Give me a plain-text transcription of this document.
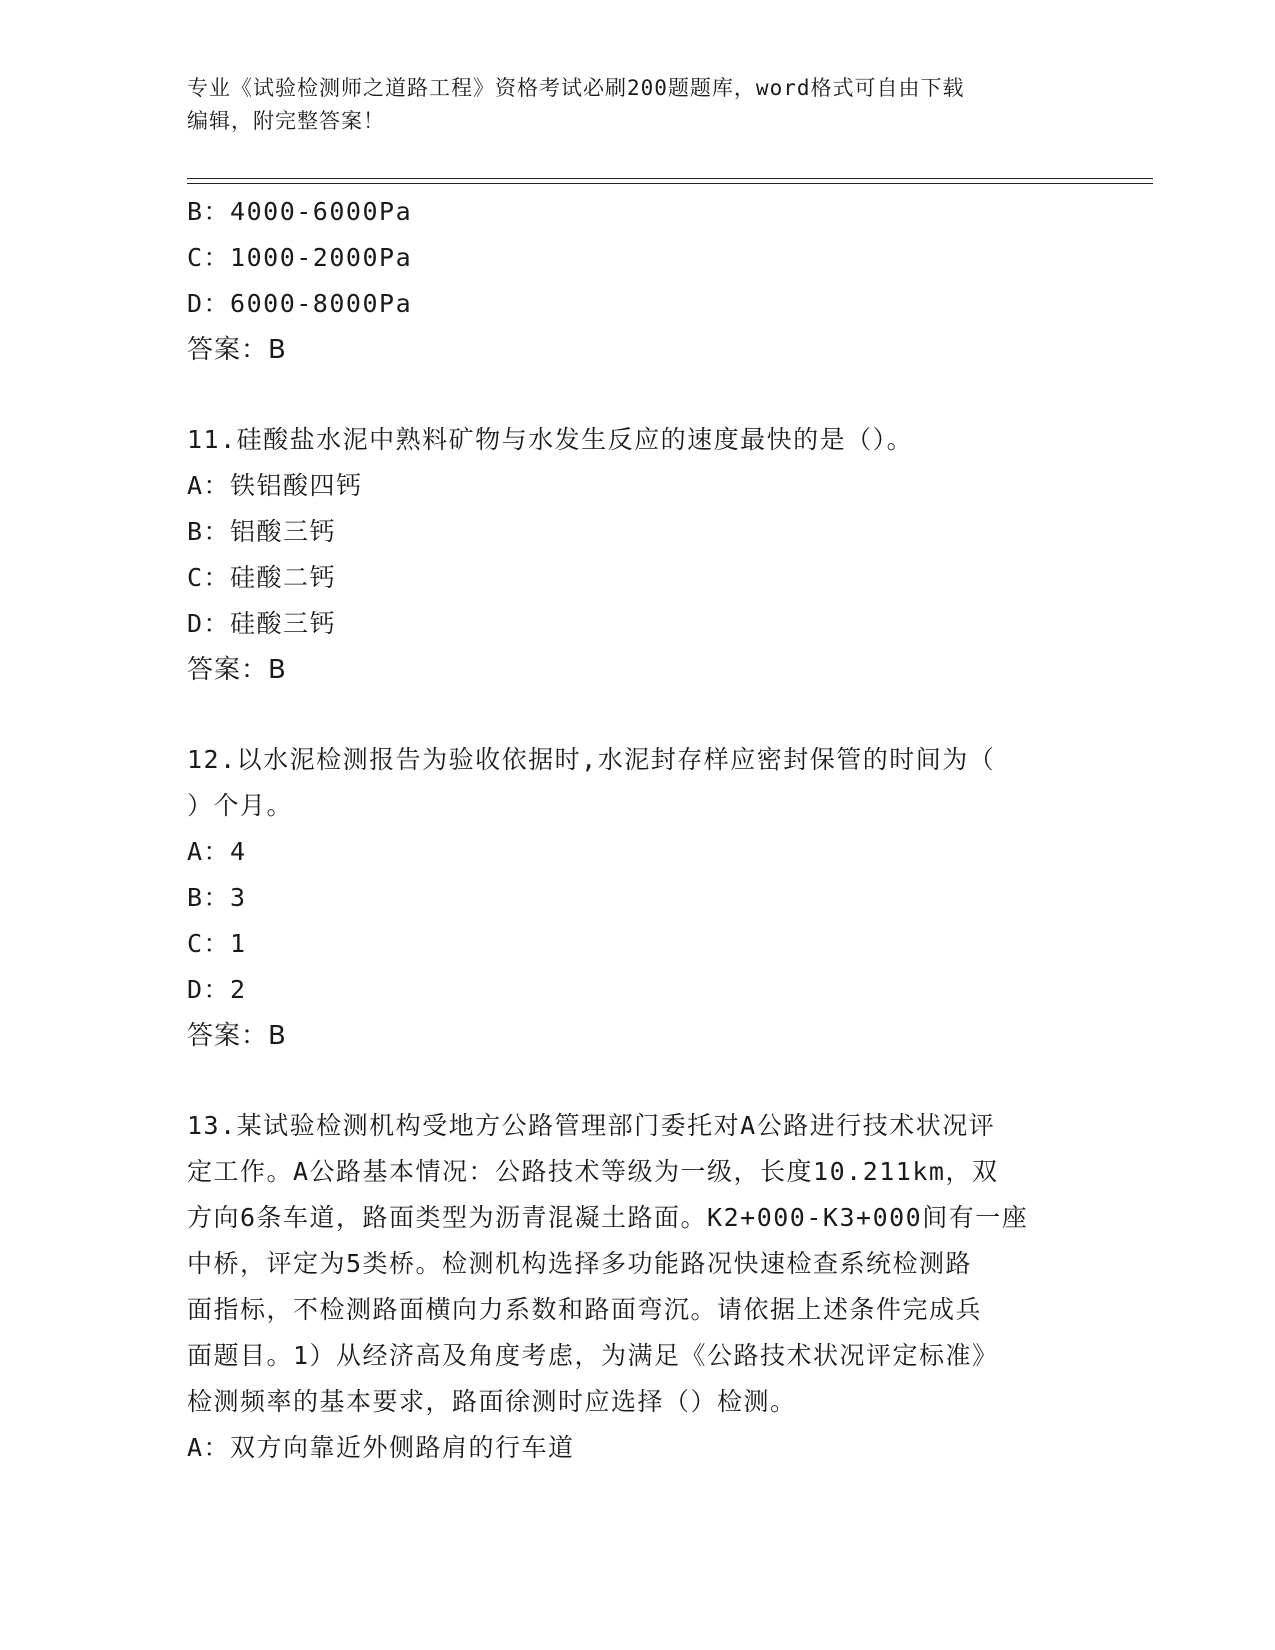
专业《试验检测师之道路工程》资格考试必刷200题题库，word格式可自由下载
编辑，附完整答案！
B：4000-6000Pa
C：1000-2000Pa
D：6000-8000Pa
答案：B
11.硅酸盐水泥中熟料矿物与水发生反应的速度最快的是（）。
A：铁铝酸四钙
B：铝酸三钙
C：硅酸二钙
D：硅酸三钙
答案：B
12.以水泥检测报告为验收依据时,水泥封存样应密封保管的时间为（
）个月。
A：4
B：3
C：1
D：2
答案：B
13.某试验检测机构受地方公路管理部门委托对A公路进行技术状况评
定工作。A公路基本情况：公路技术等级为一级，长度10.211km，双
方向6条车道，路面类型为沥青混凝土路面。K2+000-K3+000间有一座
中桥，评定为5类桥。检测机构选择多功能路况快速检查系统检测路
面指标，不检测路面横向力系数和路面弯沉。请依据上述条件完成兵
面题目。1）从经济高及角度考虑，为满足《公路技术状况评定标准》
检测频率的基本要求，路面徐测时应选择（）检测。
A：双方向靠近外侧路肩的行车道
